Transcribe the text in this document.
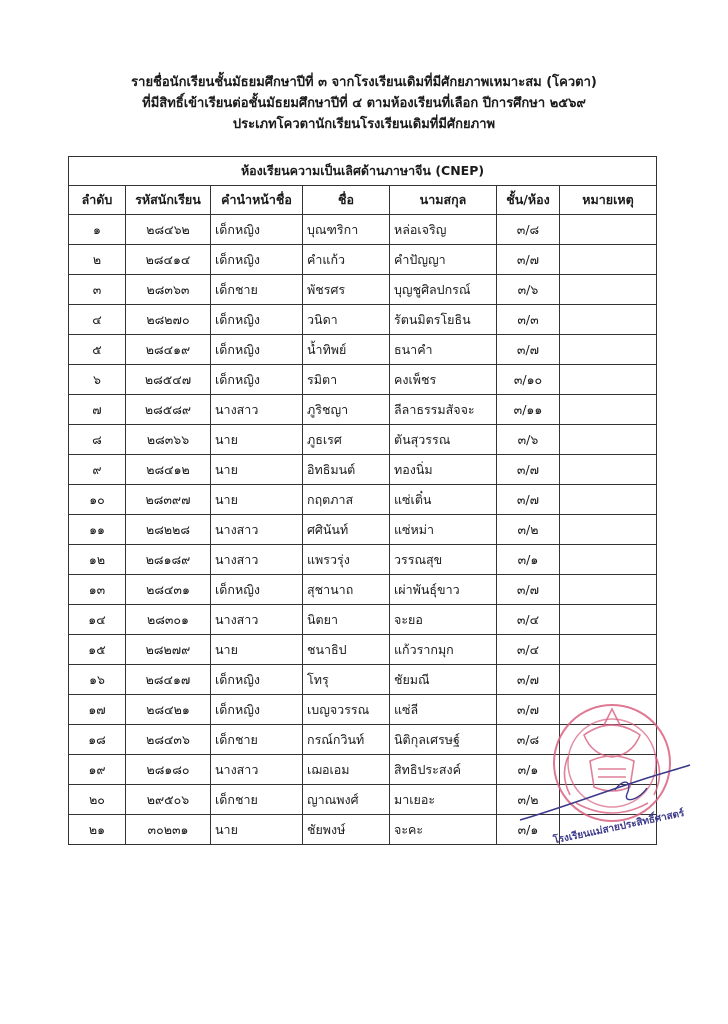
รายชื่อนักเรียนชั้นมัธยมศึกษาปีที่ ๓ จากโรงเรียนเดิมที่มีศักยภาพเหมาะสม (โควตา)
ที่มีสิทธิ์เข้าเรียนต่อชั้นมัธยมศึกษาปีที่ ๔ ตามห้องเรียนที่เลือก ปีการศึกษา ๒๕๖๙
ประเภทโควตานักเรียนโรงเรียนเดิมที่มีศักยภาพ
ห้องเรียนความเป็นเลิศด้านภาษาจีน (CNEP)						
ลำดับ	รหัสนักเรียน	คำนำหน้าชื่อ	ชื่อ	นามสกุล	ชั้น/ห้อง	หมายเหตุ
๑	๒๘๔๖๒	เด็กหญิง	บุณฑริกา	หล่อเจริญ	๓/๘	
๒	๒๘๔๑๔	เด็กหญิง	คำแก้ว	คำปัญญา	๓/๗	
๓	๒๘๓๖๓	เด็กชาย	พัชรศร	บุญชูศิลปกรณ์	๓/๖	
๔	๒๘๒๗๐	เด็กหญิง	วนิดา	รัตนมิตรโยธิน	๓/๓	
๕	๒๘๔๑๙	เด็กหญิง	น้ำทิพย์	ธนาคำ	๓/๗	
๖	๒๘๕๔๗	เด็กหญิง	รมิตา	คงเพ็ชร	๓/๑๐	
๗	๒๘๕๘๙	นางสาว	ภูริชญา	ลีลาธรรมสัจจะ	๓/๑๑	
๘	๒๘๓๖๖	นาย	ภูธเรศ	ตันสุวรรณ	๓/๖	
๙	๒๘๔๑๒	นาย	อิทธิมนต์	ทองนิ่ม	๓/๗	
๑๐	๒๘๓๙๗	นาย	กฤตภาส	แซ่เติ๋น	๓/๗	
๑๑	๒๘๒๒๘	นางสาว	ศศินันท์	แซ่หม่า	๓/๒	
๑๒	๒๘๑๘๙	นางสาว	แพรวรุ่ง	วรรณสุข	๓/๑	
๑๓	๒๘๔๓๑	เด็กหญิง	สุชานาถ	เผ่าพันธุ์ขาว	๓/๗	
๑๔	๒๘๓๐๑	นางสาว	นิตยา	จะยอ	๓/๔	
๑๕	๒๘๒๗๙	นาย	ชนาธิป	แก้วรากมุก	๓/๔	
๑๖	๒๘๔๑๗	เด็กหญิง	โทรุ	ชัยมณี	๓/๗	
๑๗	๒๘๔๒๑	เด็กหญิง	เบญจวรรณ	แซ่ลี	๓/๗	
๑๘	๒๘๔๓๖	เด็กชาย	กรณ์กวินท์	นิติกุลเศรษฐ์	๓/๘	
๑๙	๒๘๑๘๐	นางสาว	เฌอเอม	สิทธิประสงค์	๓/๑	
๒๐	๒๙๕๐๖	เด็กชาย	ญาณพงศ์	มาเยอะ	๓/๒	
๒๑	๓๐๒๓๑	นาย	ชัยพงษ์	จะคะ	๓/๑	โรงเรียนแม่สายประสิทธิ์ศาสตร์
